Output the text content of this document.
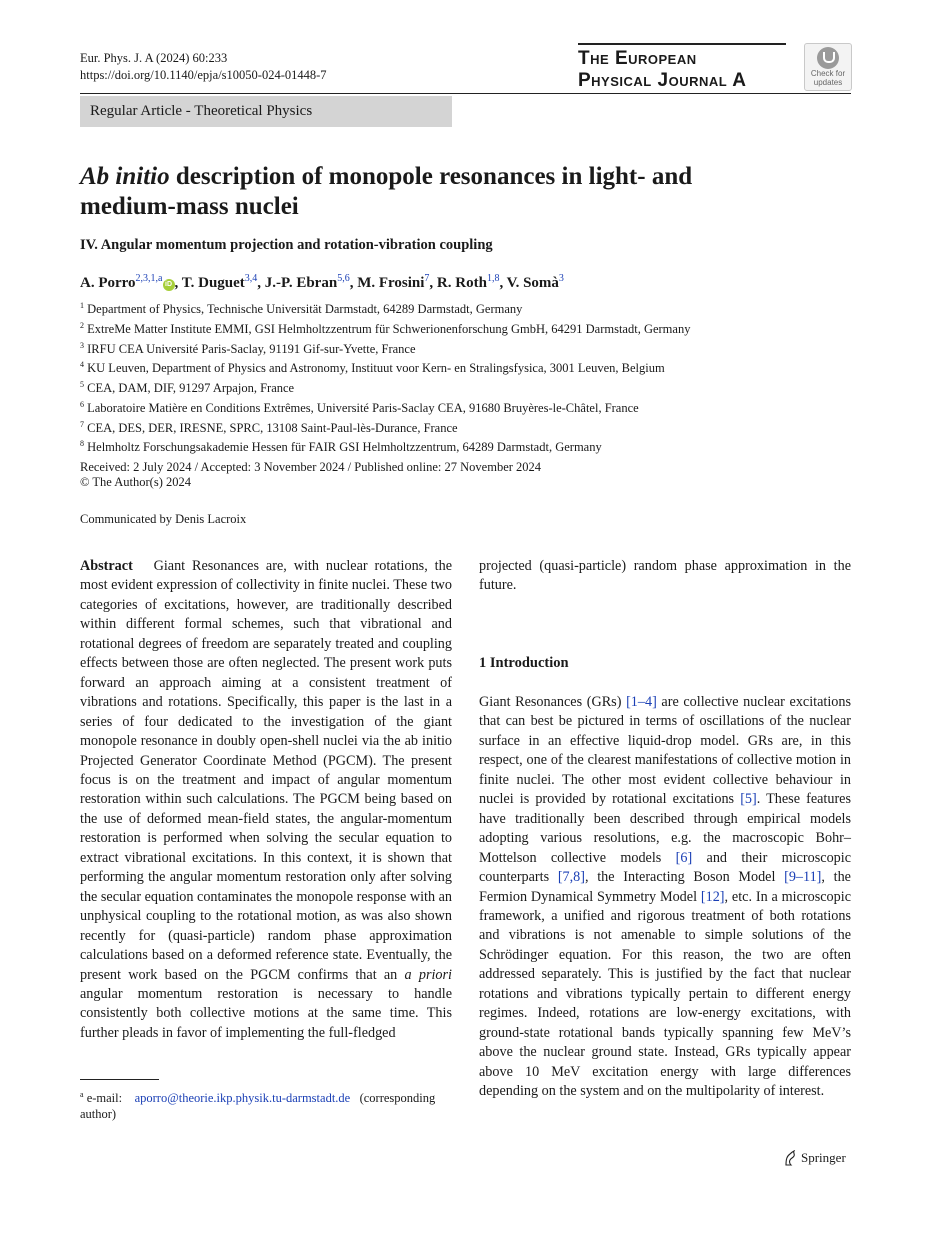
Eur. Phys. J. A (2024) 60:233
https://doi.org/10.1140/epja/s10050-024-01448-7
The European
Physical Journal A	Check for
updates
Regular Article - Theoretical Physics
Ab initio description of monopole resonances in light- and medium-mass nuclei
IV. Angular momentum projection and rotation-vibration coupling
A. Porro$^{2,3,1,a}$iD , T. Duguet$^{3,4}$, J.-P. Ebran$^{5,6}$, M. Frosini$^7$, R. Roth$^{1,8}$, V. Somà$^3$
$^1$ Department of Physics, Technische Universität Darmstadt, 64289 Darmstadt, Germany
$^2$ ExtreMe Matter Institute EMMI, GSI Helmholtzzentrum für Schwerionenforschung GmbH, 64291 Darmstadt, Germany
$^3$ IRFU CEA Université Paris-Saclay, 91191 Gif-sur-Yvette, France
$^4$ KU Leuven, Department of Physics and Astronomy, Instituut voor Kern- en Stralingsfysica, 3001 Leuven, Belgium
$^5$ CEA, DAM, DIF, 91297 Arpajon, France
$^6$ Laboratoire Matière en Conditions Extrêmes, Université Paris-Saclay CEA, 91680 Bruyères-le-Châtel, France
$^7$ CEA, DES, DER, IRESNE, SPRC, 13108 Saint-Paul-lès-Durance, France
$^8$ Helmholtz Forschungsakademie Hessen für FAIR GSI Helmholtzzentrum, 64289 Darmstadt, Germany
Received: 2 July 2024 / Accepted: 3 November 2024 / Published online: 27 November 2024
© The Author(s) 2024
Communicated by Denis Lacroix
Abstract Giant Resonances are, with nuclear rotations, the most evident expression of collectivity in finite nuclei. These two categories of excitations, however, are traditionally described within different formal schemes, such that vibrational and rotational degrees of freedom are separately treated and coupling effects between those are often neglected. The present work puts forward an approach aiming at a consistent treatment of vibrations and rotations. Specifically, this paper is the last in a series of four dedicated to the investigation of the giant monopole resonance in doubly open-shell nuclei via the ab initio Projected Generator Coordinate Method (PGCM). The present focus is on the treatment and impact of angular momentum restoration within such calculations. The PGCM being based on the use of deformed mean-field states, the angular-momentum restoration is performed when solving the secular equation to extract vibrational excitations. In this context, it is shown that performing the angular momentum restoration only after solving the secular equation contaminates the monopole response with an unphysical coupling to the rotational motion, as was also shown recently for (quasi-particle) random phase approximation calculations based on a deformed reference state. Eventually, the present work based on the PGCM confirms that an a priori angular momentum restoration is necessary to handle consistently both collective motions at the same time. This further pleads in favor of implementing the full-fledged
projected (quasi-particle) random phase approximation in the future.
1 Introduction
Giant Resonances (GRs) [1–4] are collective nuclear excitations that can best be pictured in terms of oscillations of the nuclear surface in an effective liquid-drop model. GRs are, in this respect, one of the clearest manifestations of collective motion in finite nuclei. The other most evident collective behaviour in nuclei is provided by rotational excitations [5]. These features have traditionally been described through empirical models adopting various resolutions, e.g. the macroscopic Bohr–Mottelson collective models [6] and their microscopic counterparts [7,8], the Interacting Boson Model [9–11], the Fermion Dynamical Symmetry Model [12], etc. In a microscopic framework, a unified and rigorous treatment of both rotations and vibrations is not amenable to simple solutions of the Schrödinger equation. For this reason, the two are often addressed separately. This is justified by the fact that nuclear rotations and vibrations typically pertain to different energy regimes. Indeed, rotations are low-energy excitations, with ground-state rotational bands typically spanning few MeV’s above the nuclear ground state. Instead, GRs typically appear above 10 MeV excitation energy with large differences depending on the system and on the multipolarity of interest.
$^a$ e-mail: aporro@theorie.ikp.physik.tu-darmstadt.de (corresponding author)
Springer
